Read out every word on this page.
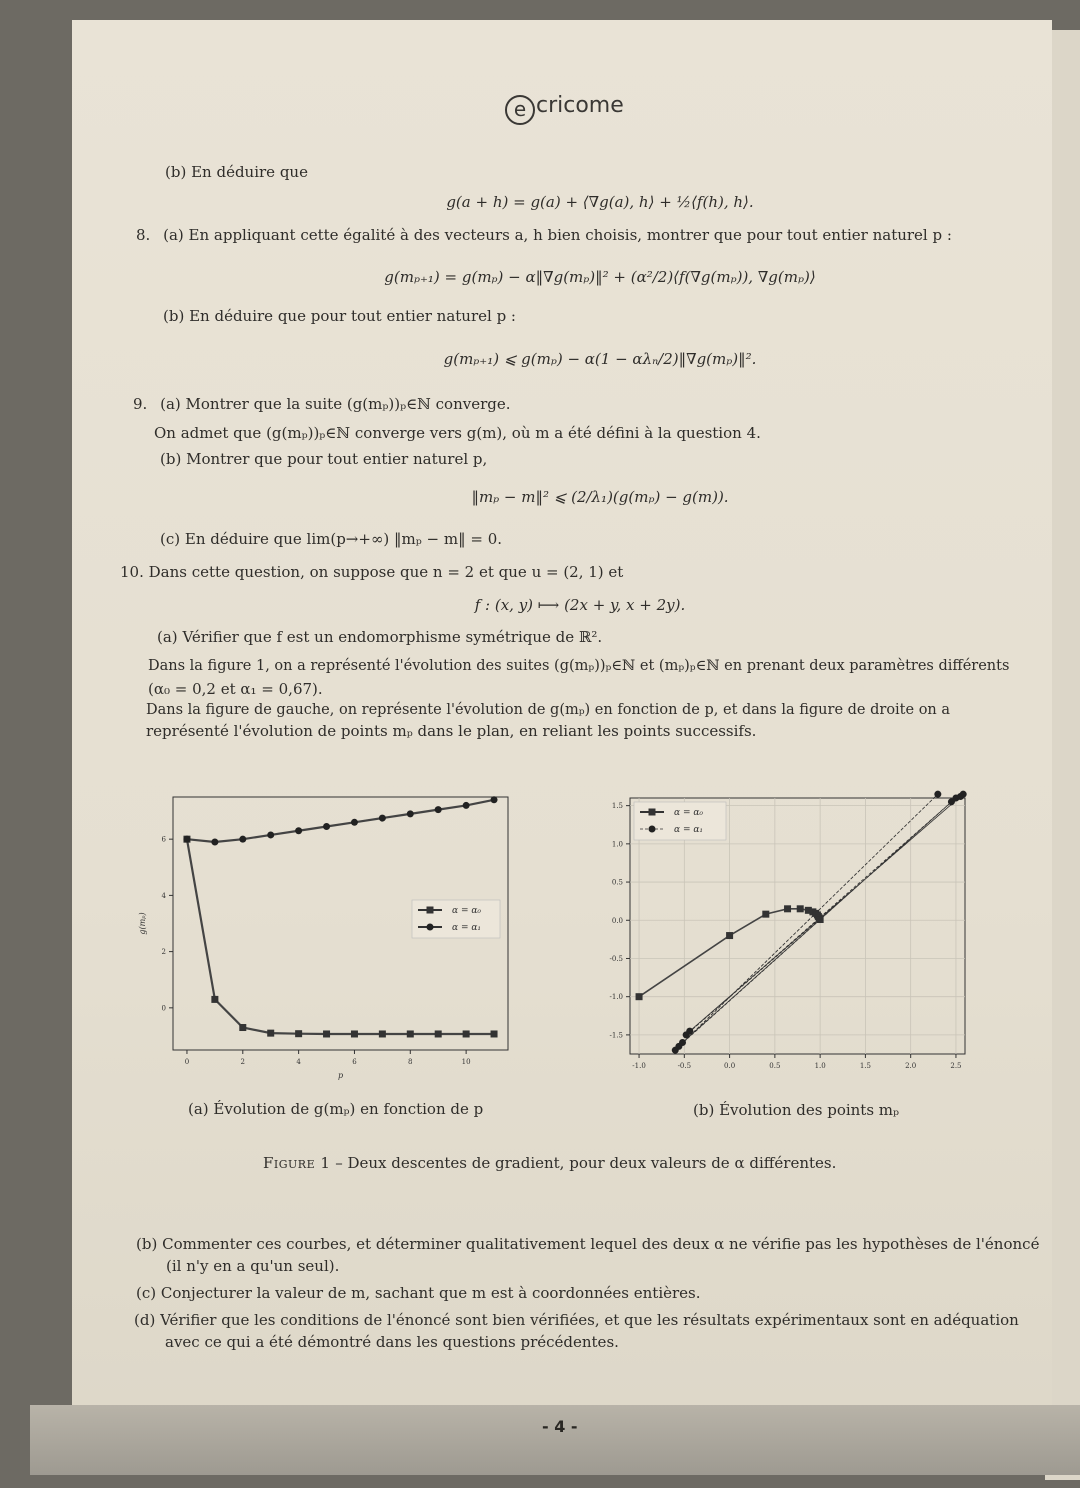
e cricome
(b) En déduire que
g(a + h) = g(a) + ⟨∇g(a), h⟩ + ½⟨f(h), h⟩.
8. (a) En appliquant cette égalité à des vecteurs a, h bien choisis, montrer que pour tout entier naturel p :
g(mₚ₊₁) = g(mₚ) − α‖∇g(mₚ)‖² + (α²/2)⟨f(∇g(mₚ)), ∇g(mₚ)⟩
(b) En déduire que pour tout entier naturel p :
g(mₚ₊₁) ⩽ g(mₚ) − α(1 − αλₙ/2)‖∇g(mₚ)‖².
9. (a) Montrer que la suite (g(mₚ))ₚ∈ℕ converge.
On admet que (g(mₚ))ₚ∈ℕ converge vers g(m), où m a été défini à la question 4.
(b) Montrer que pour tout entier naturel p,
‖mₚ − m‖² ⩽ (2/λ₁)(g(mₚ) − g(m)).
(c) En déduire que lim(p→+∞) ‖mₚ − m‖ = 0.
10. Dans cette question, on suppose que n = 2 et que u = (2, 1) et
f : (x, y) ⟼ (2x + y, x + 2y).
(a) Vérifier que f est un endomorphisme symétrique de ℝ².
Dans la figure 1, on a représenté l'évolution des suites (g(mₚ))ₚ∈ℕ et (mₚ)ₚ∈ℕ en prenant deux paramètres différents
(α₀ = 0,2 et α₁ = 0,67).
Dans la figure de gauche, on représente l'évolution de g(mₚ) en fonction de p, et dans la figure de droite on a
représenté l'évolution de points mₚ dans le plan, en reliant les points successifs.
0	2	4	6	8	10
0
2
4
6
p
g(mₚ)
α = α₀
α = α₁
(a) Évolution de g(mₚ) en fonction de p
-1.0	-0.5	0.0	0.5	1.0	1.5	2.0	2.5
-1.5
-1.0
-0.5
0.0
0.5
1.0
1.5
α = α₀
α = α₁
(b) Évolution des points mₚ
Figure 1 – Deux descentes de gradient, pour deux valeurs de α différentes.
(b) Commenter ces courbes, et déterminer qualitativement lequel des deux α ne vérifie pas les hypothèses de l'énoncé
(il n'y en a qu'un seul).
(c) Conjecturer la valeur de m, sachant que m est à coordonnées entières.
(d) Vérifier que les conditions de l'énoncé sont bien vérifiées, et que les résultats expérimentaux sont en adéquation
avec ce qui a été démontré dans les questions précédentes.
- 4 -
